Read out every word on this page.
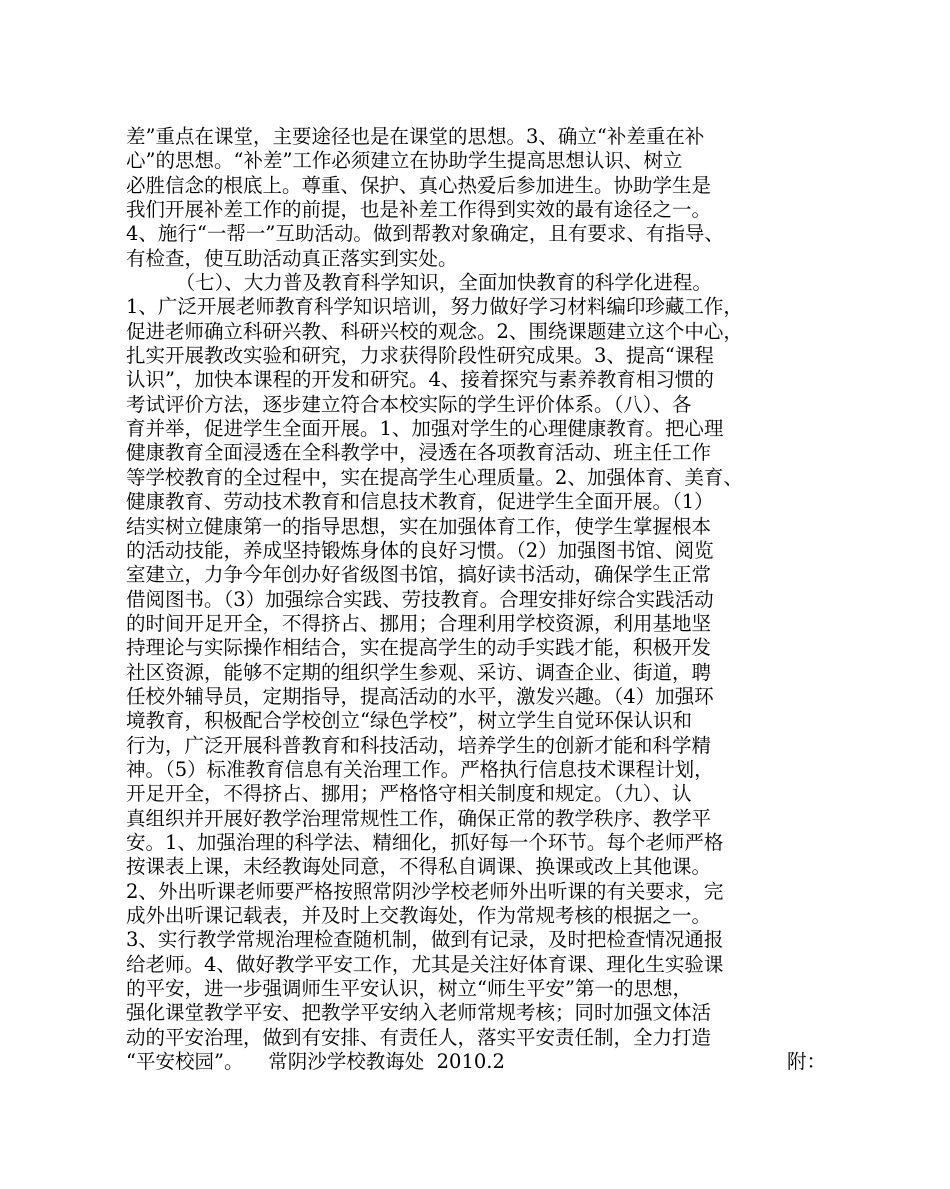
差”重点在课堂，主要途径也是在课堂的思想。3、确立“补差重在补
心”的思想。“补差”工作必须建立在协助学生提高思想认识、树立
必胜信念的根底上。尊重、保护、真心热爱后参加进生。协助学生是
我们开展补差工作的前提，也是补差工作得到实效的最有途径之一。
4、施行“一帮一”互助活动。做到帮教对象确定，且有要求、有指导、
有检查，使互助活动真正落实到实处。
（七）、大力普及教育科学知识，全面加快教育的科学化进程。
1、广泛开展老师教育科学知识培训，努力做好学习材料编印珍藏工作，
促进老师确立科研兴教、科研兴校的观念。2、围绕课题建立这个中心，
扎实开展教改实验和研究，力求获得阶段性研究成果。3、提高“课程
认识”，加快本课程的开发和研究。4、接着探究与素养教育相习惯的
考试评价方法，逐步建立符合本校实际的学生评价体系。（八）、各
育并举，促进学生全面开展。1、加强对学生的心理健康教育。把心理
健康教育全面浸透在全科教学中，浸透在各项教育活动、班主任工作
等学校教育的全过程中，实在提高学生心理质量。2、加强体育、美育、
健康教育、劳动技术教育和信息技术教育，促进学生全面开展。（1）
结实树立健康第一的指导思想，实在加强体育工作，使学生掌握根本
的活动技能，养成坚持锻炼身体的良好习惯。（2）加强图书馆、阅览
室建立，力争今年创办好省级图书馆，搞好读书活动，确保学生正常
借阅图书。（3）加强综合实践、劳技教育。合理安排好综合实践活动
的时间开足开全，不得挤占、挪用；合理利用学校资源，利用基地坚
持理论与实际操作相结合，实在提高学生的动手实践才能，积极开发
社区资源，能够不定期的组织学生参观、采访、调查企业、街道，聘
任校外辅导员，定期指导，提高活动的水平，激发兴趣。（4）加强环
境教育，积极配合学校创立“绿色学校”，树立学生自觉环保认识和
行为，广泛开展科普教育和科技活动，培养学生的创新才能和科学精
神。（5）标准教育信息有关治理工作。严格执行信息技术课程计划，
开足开全，不得挤占、挪用；严格恪守相关制度和规定。（九）、认
真组织并开展好教学治理常规性工作，确保正常的教学秩序、教学平
安。1、加强治理的科学法、精细化，抓好每一个环节。每个老师严格
按课表上课，未经教诲处同意，不得私自调课、换课或改上其他课。
2、外出听课老师要严格按照常阴沙学校老师外出听课的有关要求，完
成外出听课记载表，并及时上交教诲处，作为常规考核的根据之一。
3、实行教学常规治理检查随机制，做到有记录，及时把检查情况通报
给老师。4、做好教学平安工作，尤其是关注好体育课、理化生实验课
的平安，进一步强调师生平安认识，树立“师生平安”第一的思想，
强化课堂教学平安、把教学平安纳入老师常规考核；同时加强文体活
动的平安治理，做到有安排、有责任人，落实平安责任制，全力打造
“平安校园”。    常阴沙学校教诲处  2010.2	附：
